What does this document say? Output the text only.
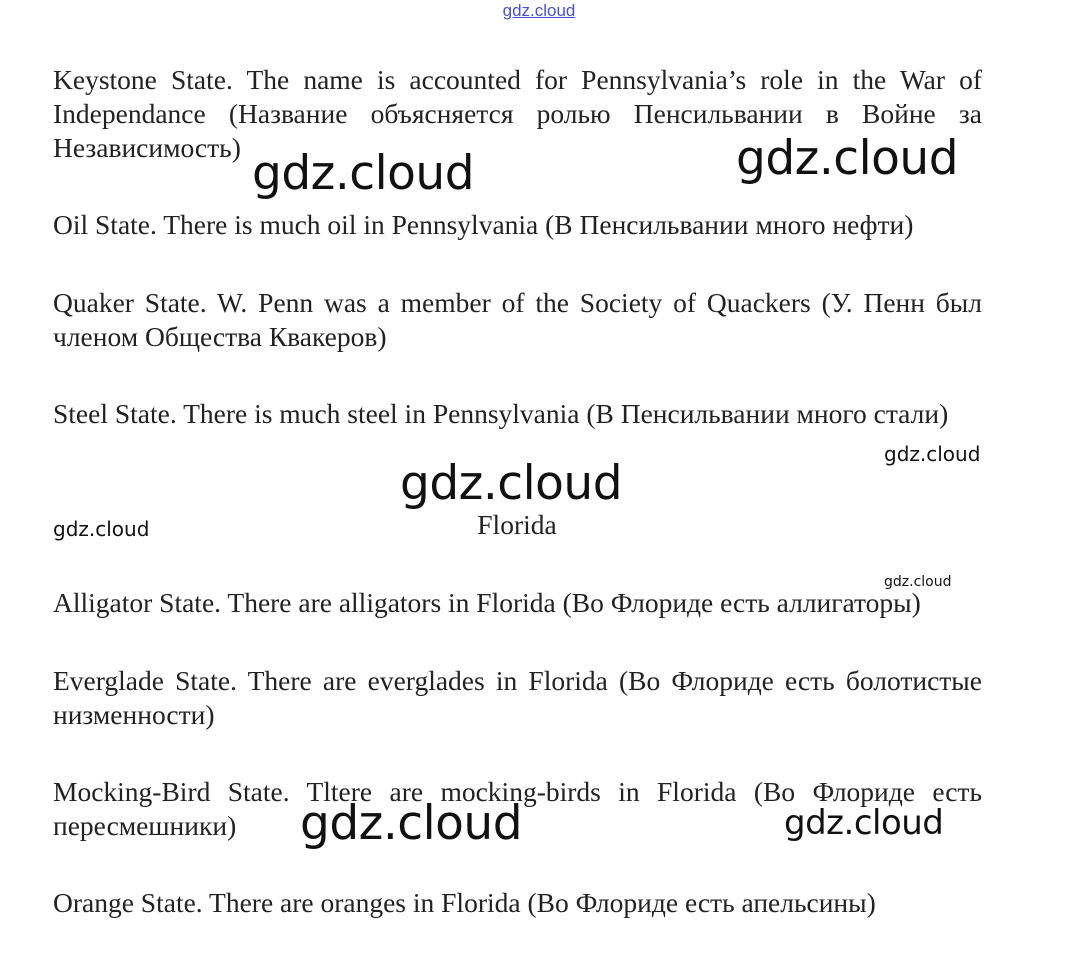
gdz.cloud

Keystone State. The name is accounted for Pennsylvania’s role in the War of Independance (Название объясняется ролью Пенсильвании в Войне за Независимость)

Oil State. There is much oil in Pennsylvania (В Пенсильвании много нефти)

Quaker State. W. Penn was a member of the Society of Quackers (У. Пенн был членом Общества Квакеров)

Steel State. There is much steel in Pennsylvania (В Пенсильвании много стали)

Florida

Alligator State. There are alligators in Florida (Во Флориде есть аллигаторы)

Everglade State. There are everglades in Florida (Во Флориде есть болотистые низменности)

Mocking-Bird State. Tltere are mocking-birds in Florida (Во Флориде есть пересмешники)

Orange State. There are oranges in Florida (Во Флориде есть апельсины)

gdz.cloud	gdz.cloud
gdz.cloud
gdz.cloud	gdz.cloud
gdz.cloud
gdz.cloud
gdz.cloud
